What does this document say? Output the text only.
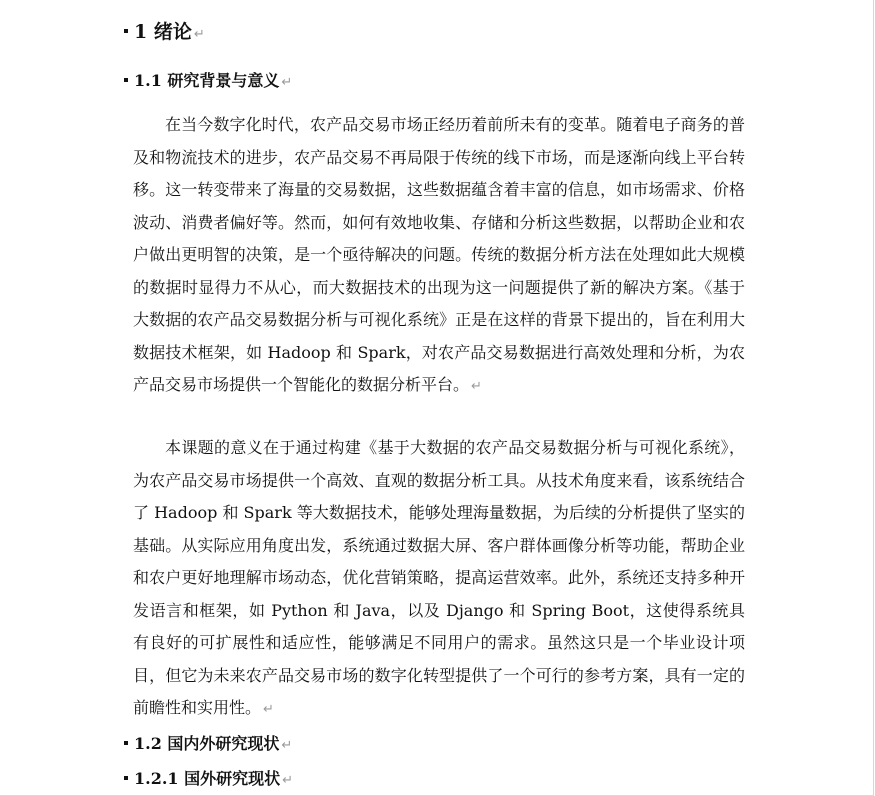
1 绪论 ↵
1.1 研究背景与意义 ↵

在当今数字化时代，农产品交易市场正经历着前所未有的变革。随着电子商务的普及和物流技术的进步，农产品交易不再局限于传统的线下市场，而是逐渐向线上平台转移。这一转变带来了海量的交易数据，这些数据蕴含着丰富的信息，如市场需求、价格波动、消费者偏好等。然而，如何有效地收集、存储和分析这些数据，以帮助企业和农户做出更明智的决策，是一个亟待解决的问题。传统的数据分析方法在处理如此大规模的数据时显得力不从心，而大数据技术的出现为这一问题提供了新的解决方案。《基于大数据的农产品交易数据分析与可视化系统》正是在这样的背景下提出的，旨在利用大数据技术框架，如 Hadoop 和 Spark，对农产品交易数据进行高效处理和分析，为农产品交易市场提供一个智能化的数据分析平台。 ↵

本课题的意义在于通过构建《基于大数据的农产品交易数据分析与可视化系统》，为农产品交易市场提供一个高效、直观的数据分析工具。从技术角度来看，该系统结合了 Hadoop 和 Spark 等大数据技术，能够处理海量数据，为后续的分析提供了坚实的基础。从实际应用角度出发，系统通过数据大屏、客户群体画像分析等功能，帮助企业和农户更好地理解市场动态，优化营销策略，提高运营效率。此外，系统还支持多种开发语言和框架，如 Python 和 Java，以及 Django 和 Spring Boot，这使得系统具有良好的可扩展性和适应性，能够满足不同用户的需求。虽然这只是一个毕业设计项目，但它为未来农产品交易市场的数字化转型提供了一个可行的参考方案，具有一定的前瞻性和实用性。 ↵

1.2 国内外研究现状 ↵
1.2.1 国外研究现状 ↵
